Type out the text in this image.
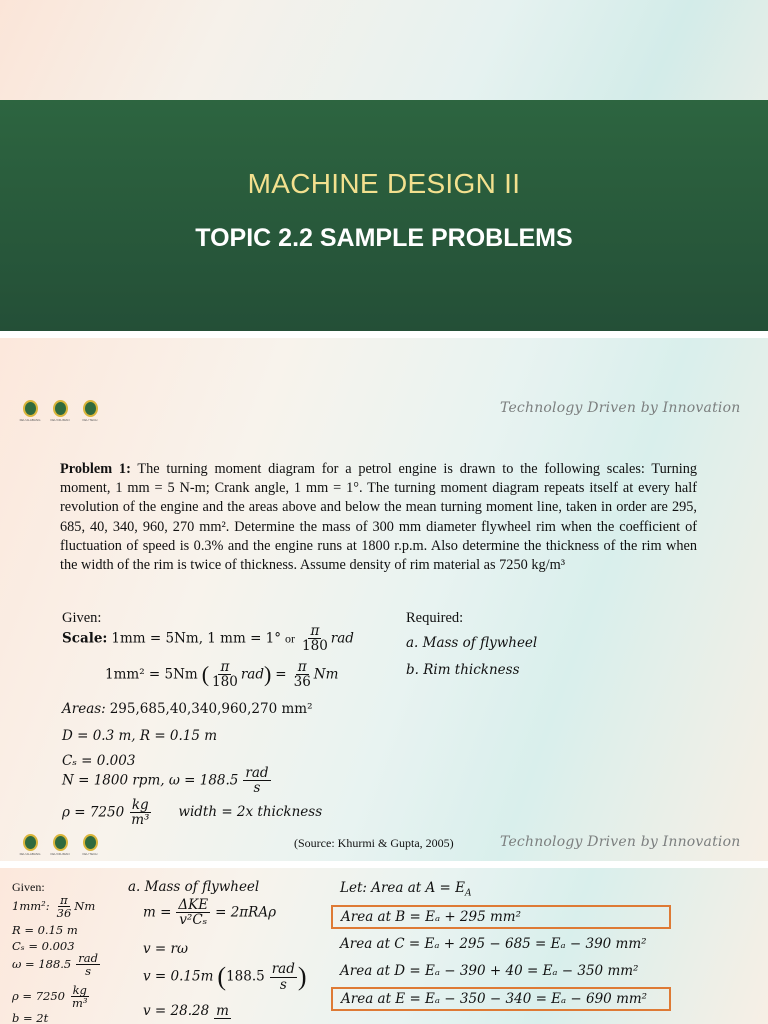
MACHINE DESIGN II
TOPIC 2.2 SAMPLE PROBLEMS
FEU ALABANG	FEU DILIMAN	FEU TECH
Technology Driven by Innovation
Problem 1: The turning moment diagram for a petrol engine is drawn to the following scales: Turning moment, 1 mm = 5 N-m; Crank angle, 1 mm = 1°. The turning moment diagram repeats itself at every half revolution of the engine and the areas above and below the mean turning moment line, taken in order are 295, 685, 40, 340, 960, 270 mm². Determine the mass of 300 mm diameter flywheel rim when the coefficient of fluctuation of speed is 0.3% and the engine runs at 1800 r.p.m. Also determine the thickness of the rim when the width of the rim is twice of thickness. Assume density of rim material as 7250 kg/m³
Given:
Scale: 1mm = 5Nm, 1 mm = 1° or $\frac{\pi}{180}$ rad
1mm² = 5Nm ( $\frac{\pi}{180} rad) = \frac{\pi}{36}$ Nm
Areas: 295,685,40,340,960,270 mm²
D = 0.3 m, R = 0.15 m
Cₛ = 0.003
N = 1800 rpm, $\omega = 188.5 \frac{\text{rad}}{s}$
$\rho = 7250 \frac{kg}{\text{m³}}$ width = 2x thickness
Required:
a. Mass of flywheel
b. Rim thickness
(Source: Khurmi & Gupta, 2005)
FEU ALABANG	FEU DILIMAN	FEU TECH
Technology Driven by Innovation
Given:
1mm²: $\frac{\pi}{36}$ Nm
R = 0.15 m
Cₛ = 0.003
$\omega = 188.5 \frac{\text{rad}}{s}$
$\rho = 7250 \frac{kg}{\text{m³}}$
b = 2t
a. Mass of flywheel
$m = \frac{\text{ΔKE}}{\text{v²Cₛ}} = 2\pi RA\rho$
v = rω
v = 0.15m ($188.5 \frac{\text{rad}}{s}$ )
v = 28.28 m
Let: Area at $A = E_A$
Area at B = Eₐ + 295 mm²
Area at C = Eₐ + 295 − 685 = Eₐ − 390 mm²
Area at D = Eₐ − 390 + 40 = Eₐ − 350 mm²
Area at E = Eₐ − 350 − 340 = Eₐ − 690 mm²
